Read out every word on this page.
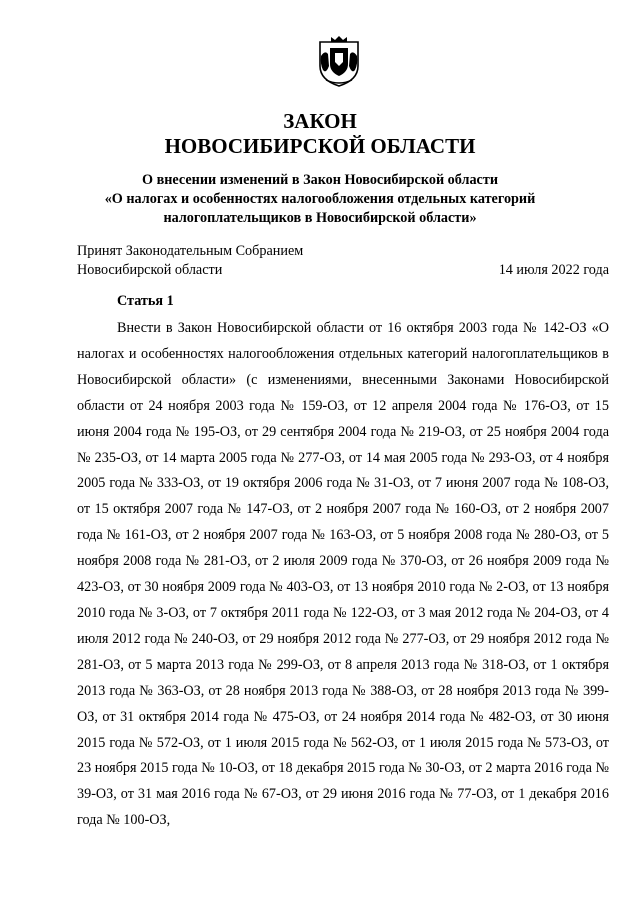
ЗАКОН
НОВОСИБИРСКОЙ ОБЛАСТИ
О внесении изменений в Закон Новосибирской области
«О налогах и особенностях налогообложения отдельных категорий
налогоплательщиков в Новосибирской области»
Принят Законодательным Собранием
Новосибирской области	14 июля 2022 года
Статья 1

Внести в Закон Новосибирской области от 16 октября 2003 года № 142-ОЗ «О налогах и особенностях налогообложения отдельных категорий налогоплательщиков в Новосибирской области» (с изменениями, внесенными Законами Новосибирской области от 24 ноября 2003 года № 159-ОЗ, от 12 апреля 2004 года № 176-ОЗ, от 15 июня 2004 года № 195-ОЗ, от 29 сентября 2004 года № 219-ОЗ, от 25 ноября 2004 года № 235-ОЗ, от 14 марта 2005 года № 277-ОЗ, от 14 мая 2005 года № 293-ОЗ, от 4 ноября 2005 года № 333-ОЗ, от 19 октября 2006 года № 31-ОЗ, от 7 июня 2007 года № 108-ОЗ, от 15 октября 2007 года № 147-ОЗ, от 2 ноября 2007 года № 160-ОЗ, от 2 ноября 2007 года № 161-ОЗ, от 2 ноября 2007 года № 163-ОЗ, от 5 ноября 2008 года № 280-ОЗ, от 5 ноября 2008 года № 281-ОЗ, от 2 июля 2009 года № 370-ОЗ, от 26 ноября 2009 года № 423-ОЗ, от 30 ноября 2009 года № 403-ОЗ, от 13 ноября 2010 года № 2-ОЗ, от 13 ноября 2010 года № 3-ОЗ, от 7 октября 2011 года № 122-ОЗ, от 3 мая 2012 года № 204-ОЗ, от 4 июля 2012 года № 240-ОЗ, от 29 ноября 2012 года № 277-ОЗ, от 29 ноября 2012 года № 281-ОЗ, от 5 марта 2013 года № 299-ОЗ, от 8 апреля 2013 года № 318-ОЗ, от 1 октября 2013 года № 363-ОЗ, от 28 ноября 2013 года № 388-ОЗ, от 28 ноября 2013 года № 399-ОЗ, от 31 октября 2014 года № 475-ОЗ, от 24 ноября 2014 года № 482-ОЗ, от 30 июня 2015 года № 572-ОЗ, от 1 июля 2015 года № 562-ОЗ, от 1 июля 2015 года № 573-ОЗ, от 23 ноября 2015 года № 10-ОЗ, от 18 декабря 2015 года № 30-ОЗ, от 2 марта 2016 года № 39-ОЗ, от 31 мая 2016 года № 67-ОЗ, от 29 июня 2016 года № 77-ОЗ, от 1 декабря 2016 года № 100-ОЗ,
